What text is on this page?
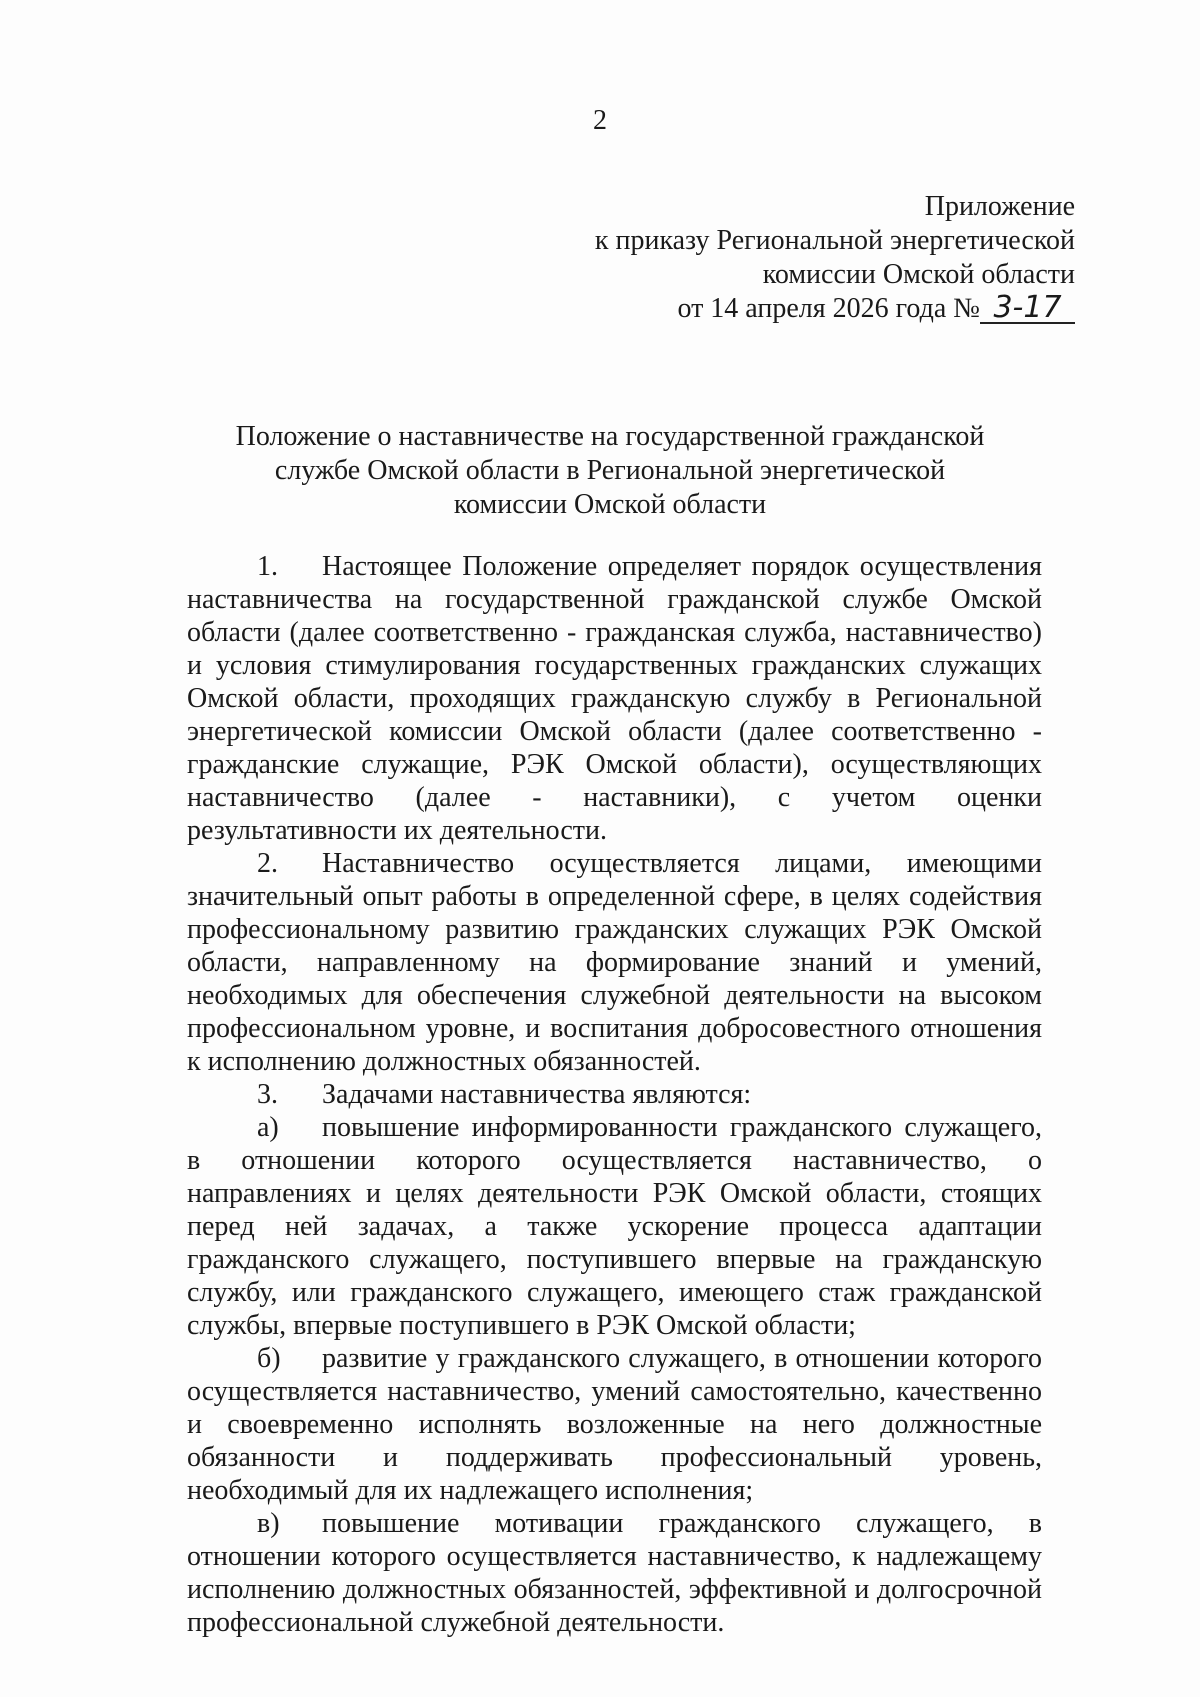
2
Приложение
к приказу Региональной энергетической
комиссии Омской области
от 14 апреля 2026 года № 3-17
Положение о наставничестве на государственной гражданской
службе Омской области в Региональной энергетической
комиссии Омской области

1. Настоящее Положение определяет порядок осуществления наставничества на государственной гражданской службе Омской области (далее соответственно - гражданская служба, наставничество) и условия стимулирования государственных гражданских служащих Омской области, проходящих гражданскую службу в Региональной энергетической комиссии Омской области (далее соответственно - гражданские служащие, РЭК Омской области), осуществляющих наставничество (далее - наставники), с учетом оценки результативности их деятельности.

2. Наставничество осуществляется лицами, имеющими значительный опыт работы в определенной сфере, в целях содействия профессиональному развитию гражданских служащих РЭК Омской области, направленному на формирование знаний и умений, необходимых для обеспечения служебной деятельности на высоком профессиональном уровне, и воспитания добросовестного отношения к исполнению должностных обязанностей.

3. Задачами наставничества являются:

а) повышение информированности гражданского служащего, в отношении которого осуществляется наставничество, о направлениях и целях деятельности РЭК Омской области, стоящих перед ней задачах, а также ускорение процесса адаптации гражданского служащего, поступившего впервые на гражданскую службу, или гражданского служащего, имеющего стаж гражданской службы, впервые поступившего в РЭК Омской области;

б) развитие у гражданского служащего, в отношении которого осуществляется наставничество, умений самостоятельно, качественно и своевременно исполнять возложенные на него должностные обязанности и поддерживать профессиональный уровень, необходимый для их надлежащего исполнения;

в) повышение мотивации гражданского служащего, в отношении которого осуществляется наставничество, к надлежащему исполнению должностных обязанностей, эффективной и долгосрочной профессиональной служебной деятельности.
